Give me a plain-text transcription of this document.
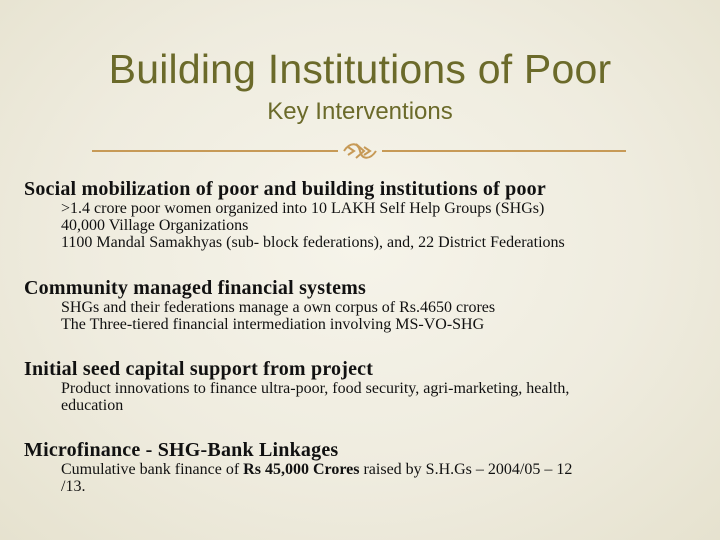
Building Institutions of Poor
Key Interventions
Social mobilization of poor and building institutions of poor
>1.4 crore poor women organized into 10 LAKH Self Help Groups (SHGs)
40,000 Village Organizations
1100 Mandal Samakhyas (sub- block federations), and, 22 District Federations
Community managed financial systems
SHGs and their federations manage a own corpus of Rs.4650 crores
The Three-tiered financial intermediation involving MS-VO-SHG
Initial seed capital support from project
Product innovations to finance ultra-poor, food security, agri-marketing, health,
education
Microfinance - SHG-Bank Linkages
Cumulative bank finance of Rs 45,000 Crores raised by S.H.Gs – 2004/05 – 12
/13.
